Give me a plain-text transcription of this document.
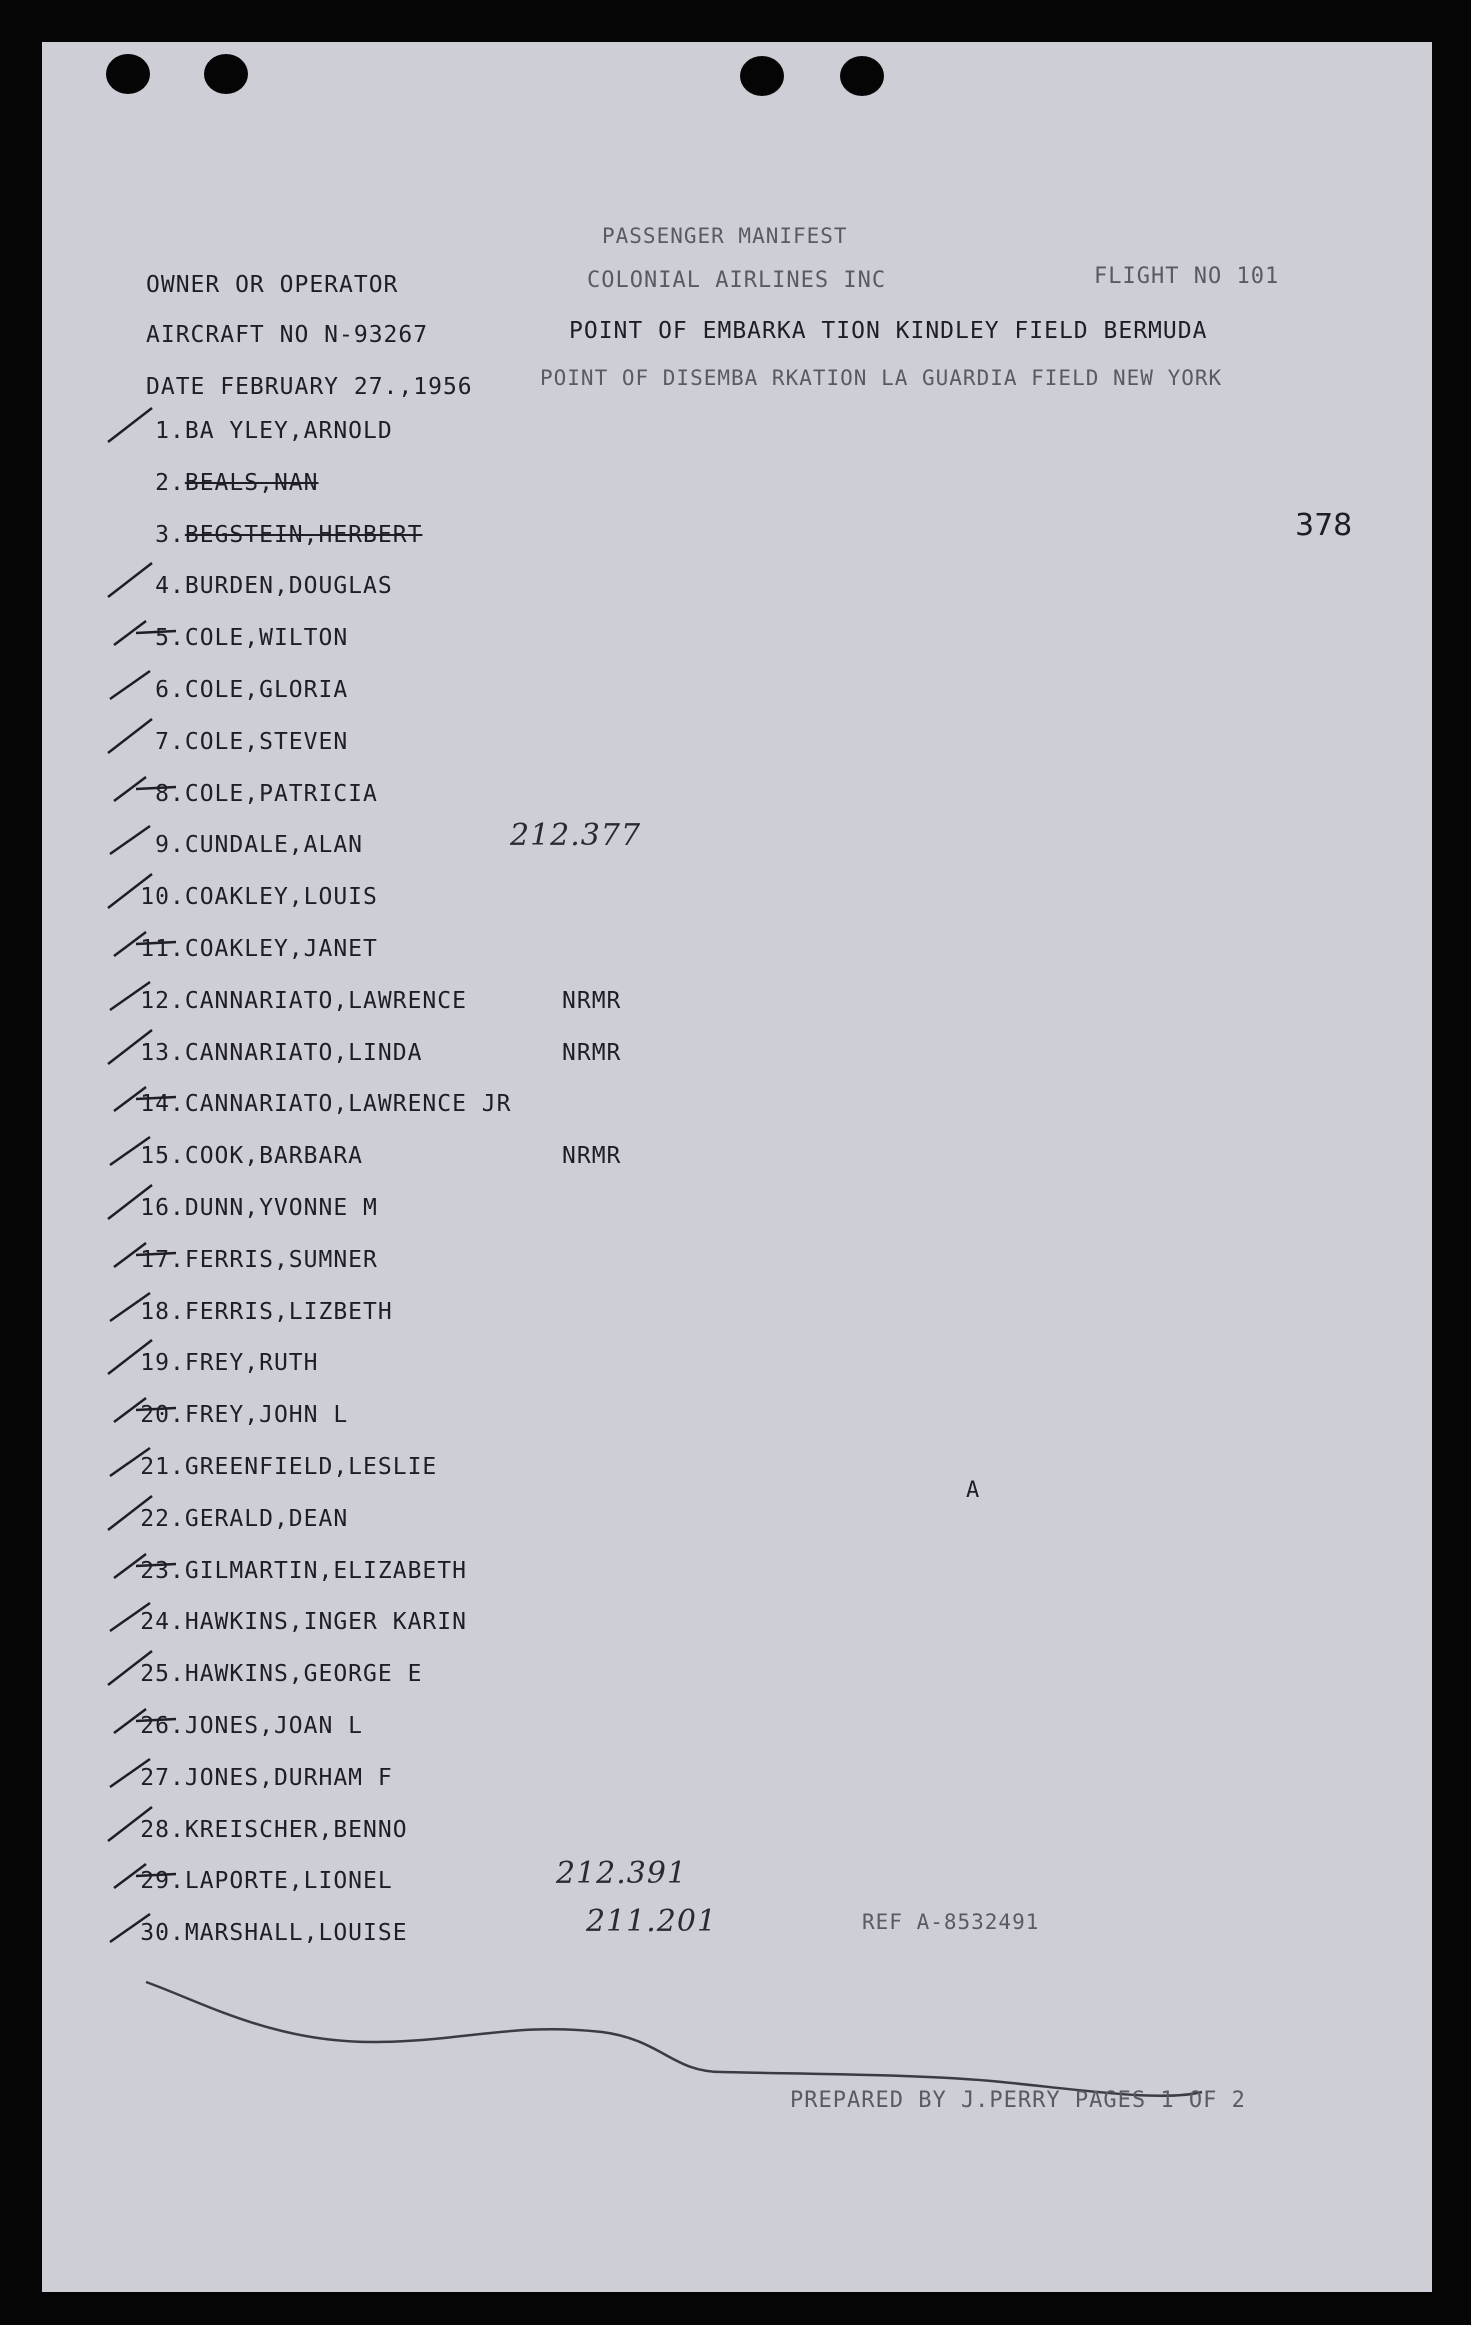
PASSENGER MANIFEST
OWNER OR OPERATOR	COLONIAL AIRLINES INC	FLIGHT NO 101
AIRCRAFT NO N-93267	POINT OF EMBARKA TION KINDLEY FIELD BERMUDA
DATE FEBRUARY 27.,1956	POINT OF DISEMBA RKATION LA GUARDIA FIELD NEW YORK
378
1.BA YLEY,ARNOLD
2.BEALS,NAN
3.BEGSTEIN,HERBERT
4.BURDEN,DOUGLAS
5.COLE,WILTON
6.COLE,GLORIA
7.COLE,STEVEN
8.COLE,PATRICIA
9.CUNDALE,ALAN
10.COAKLEY,LOUIS
11.COAKLEY,JANET
12.CANNARIATO,LAWRENCE	NRMR
13.CANNARIATO,LINDA	NRMR
14.CANNARIATO,LAWRENCE JR
15.COOK,BARBARA	NRMR
16.DUNN,YVONNE M
17.FERRIS,SUMNER
18.FERRIS,LIZBETH
19.FREY,RUTH
20.FREY,JOHN L
21.GREENFIELD,LESLIE
22.GERALD,DEAN
23.GILMARTIN,ELIZABETH
24.HAWKINS,INGER KARIN
25.HAWKINS,GEORGE E
26.JONES,JOAN L
27.JONES,DURHAM F
28.KREISCHER,BENNO
29.LAPORTE,LIONEL
30.MARSHALL,LOUISE
212.377
212.391
211.201
A
REF A-8532491
PREPARED BY J.PERRY PAGES 1 OF 2
